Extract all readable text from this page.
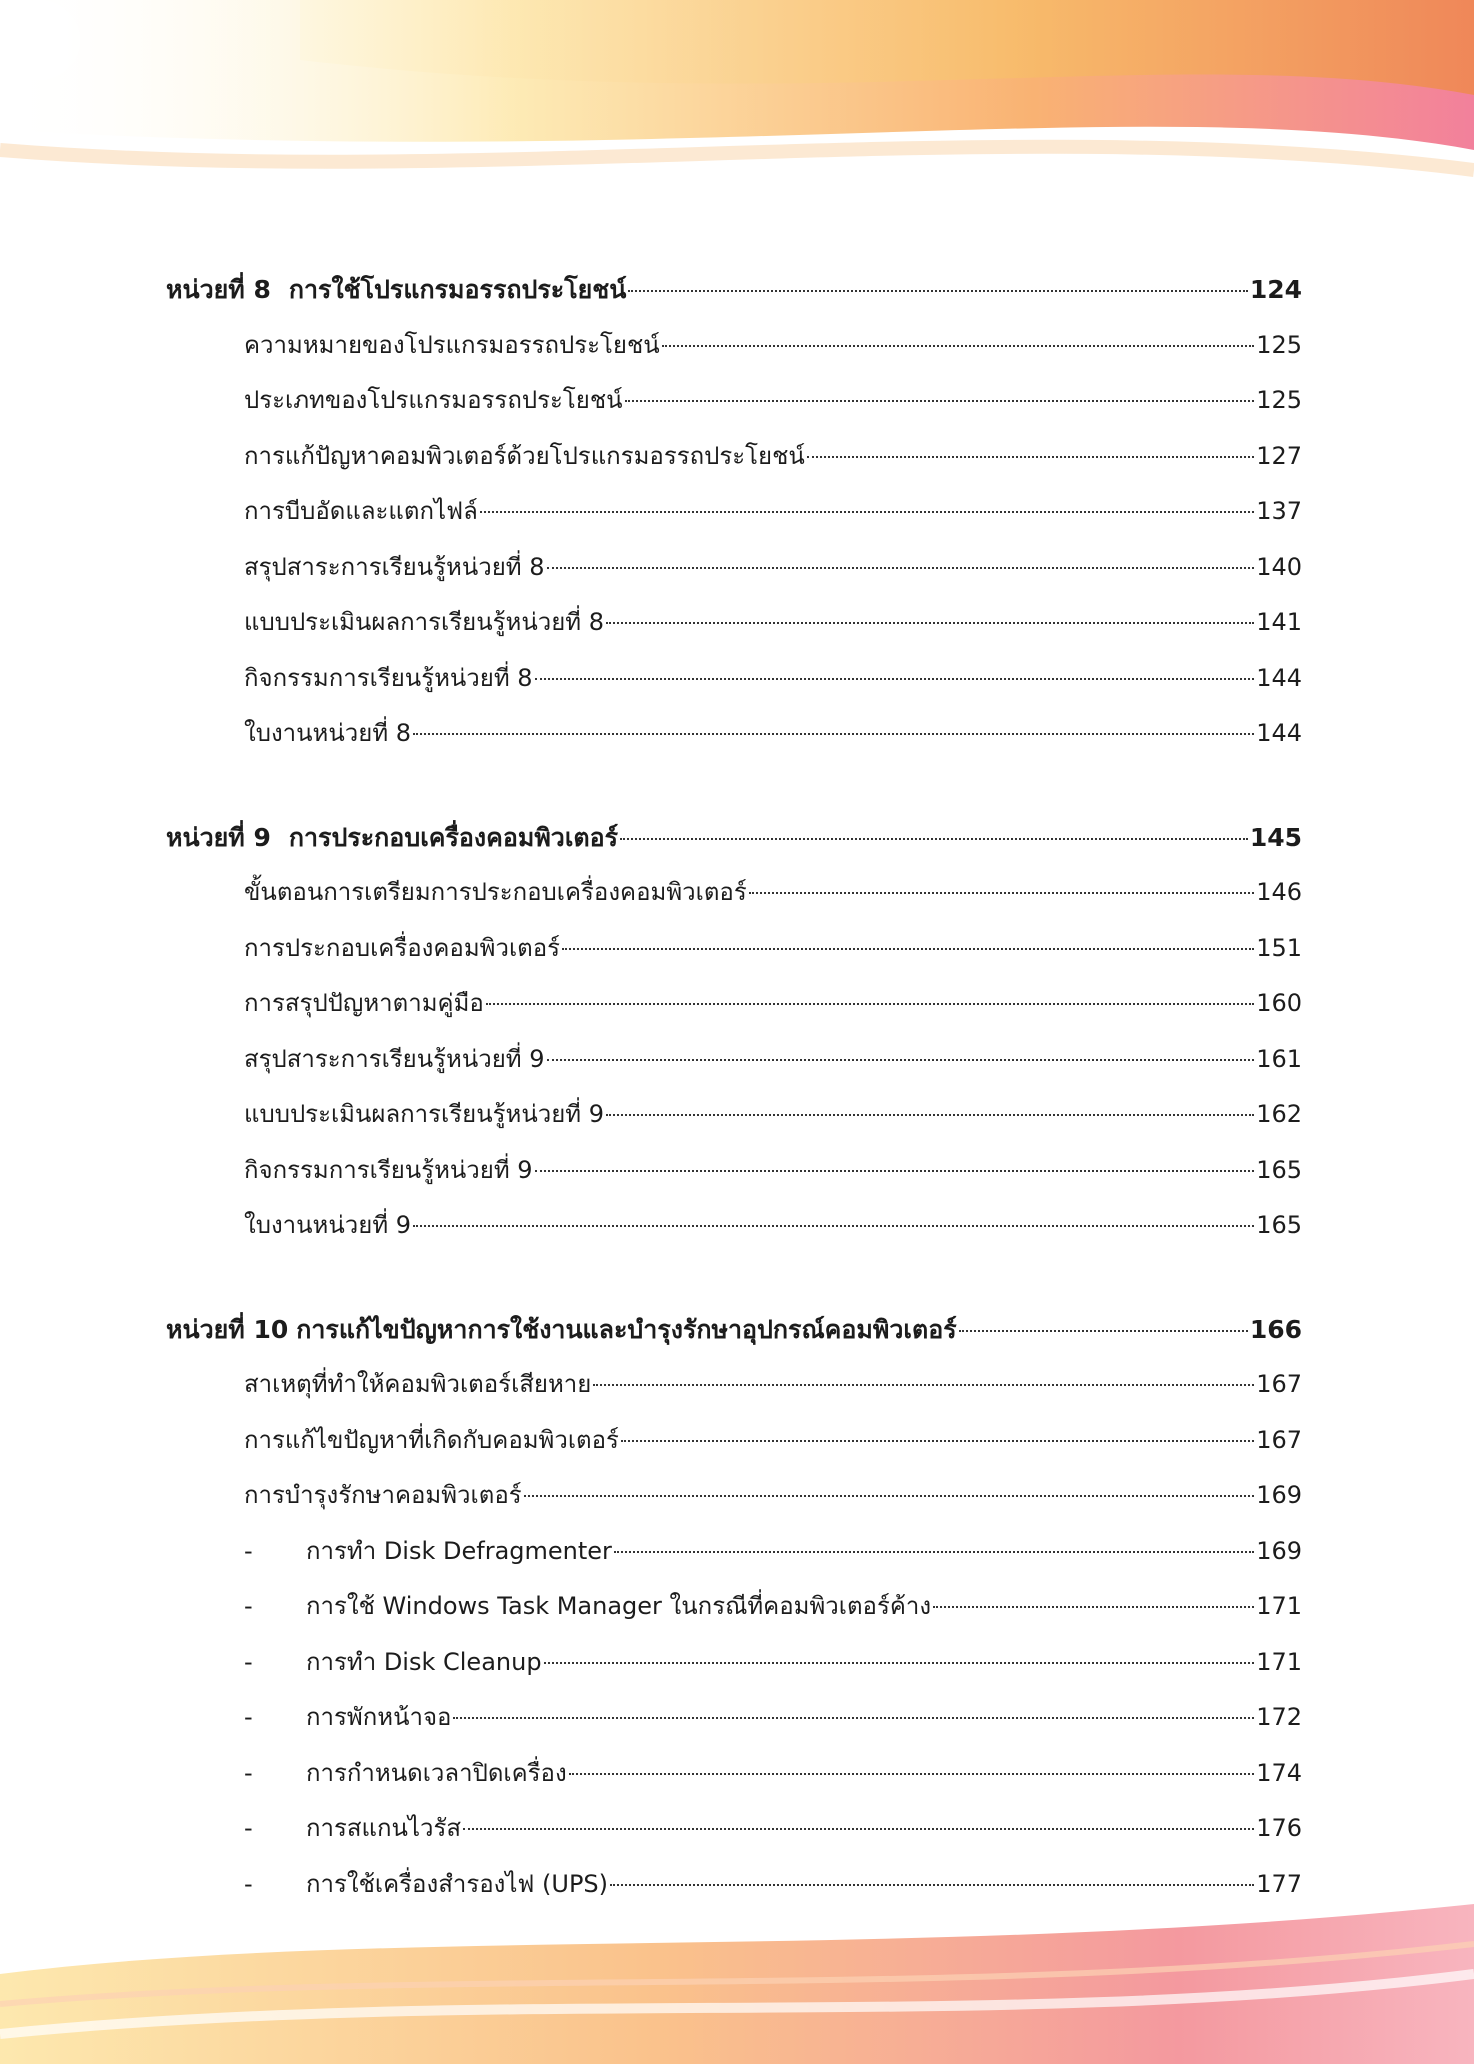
หน่วยที่ 8 การใช้โปรแกรมอรรถประโยชน์	124
ความหมายของโปรแกรมอรรถประโยชน์	125
ประเภทของโปรแกรมอรรถประโยชน์	125
การแก้ปัญหาคอมพิวเตอร์ด้วยโปรแกรมอรรถประโยชน์	127
การบีบอัดและแตกไฟล์	137
สรุปสาระการเรียนรู้หน่วยที่ 8	140
แบบประเมินผลการเรียนรู้หน่วยที่ 8	141
กิจกรรมการเรียนรู้หน่วยที่ 8	144
ใบงานหน่วยที่ 8	144
หน่วยที่ 9 การประกอบเครื่องคอมพิวเตอร์	145
ขั้นตอนการเตรียมการประกอบเครื่องคอมพิวเตอร์	146
การประกอบเครื่องคอมพิวเตอร์	151
การสรุปปัญหาตามคู่มือ	160
สรุปสาระการเรียนรู้หน่วยที่ 9	161
แบบประเมินผลการเรียนรู้หน่วยที่ 9	162
กิจกรรมการเรียนรู้หน่วยที่ 9	165
ใบงานหน่วยที่ 9	165
หน่วยที่ 10 การแก้ไขปัญหาการใช้งานและบำรุงรักษาอุปกรณ์คอมพิวเตอร์	166
สาเหตุที่ทำให้คอมพิวเตอร์เสียหาย	167
การแก้ไขปัญหาที่เกิดกับคอมพิวเตอร์	167
การบำรุงรักษาคอมพิวเตอร์	169
-	การทำ Disk Defragmenter	169
-	การใช้ Windows Task Manager ในกรณีที่คอมพิวเตอร์ค้าง	171
-	การทำ Disk Cleanup	171
-	การพักหน้าจอ	172
-	การกำหนดเวลาปิดเครื่อง	174
-	การสแกนไวรัส	176
-	การใช้เครื่องสำรองไฟ (UPS)	177
